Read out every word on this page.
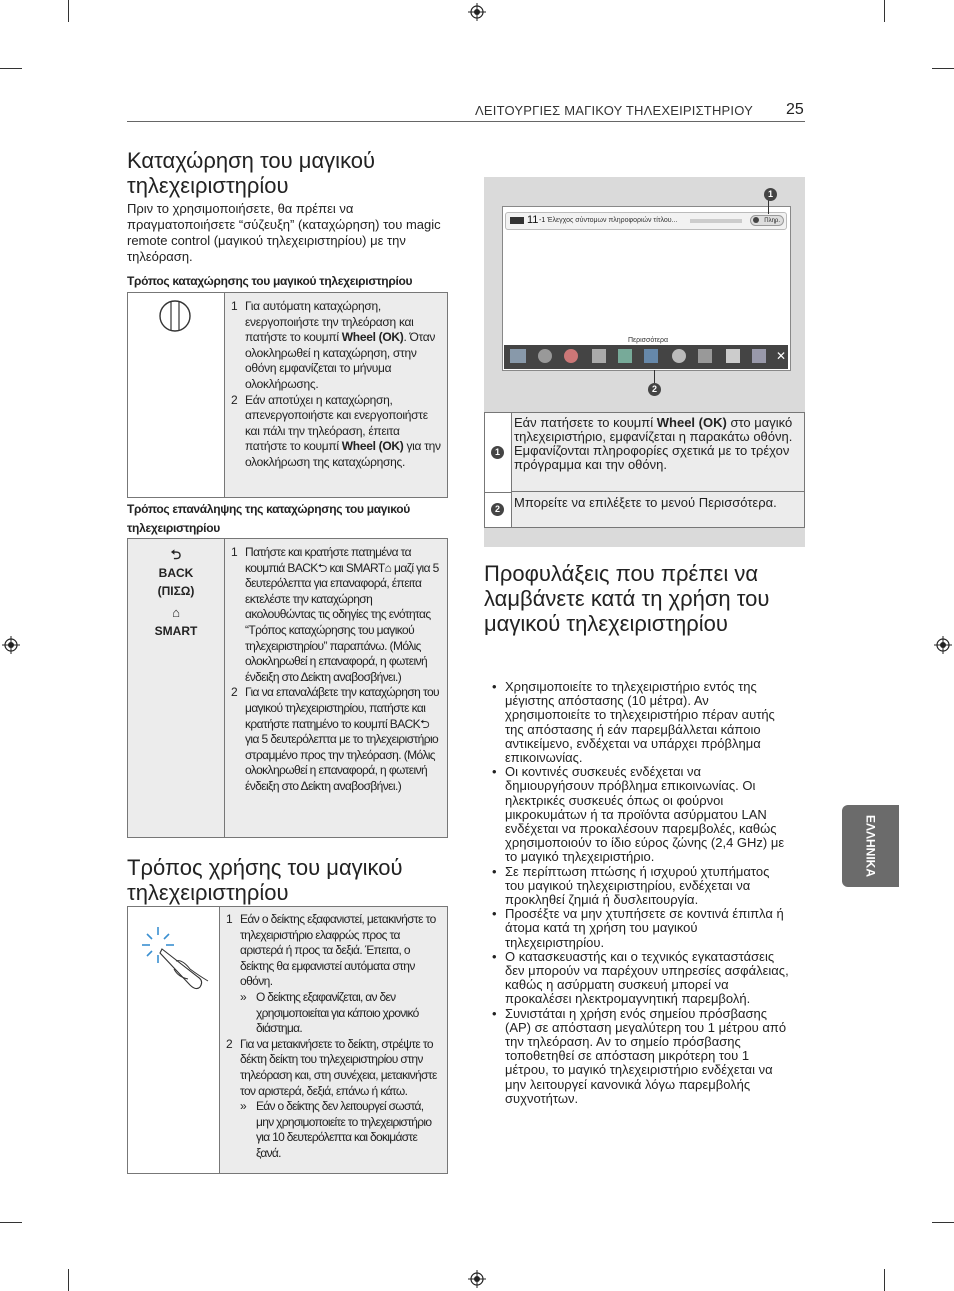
ΛΕΙΤΟΥΡΓΙΕΣ ΜΑΓΙΚΟΥ ΤΗΛΕΧΕΙΡΙΣΤΗΡΙΟΥ 25
ΕΛΛΗΝΙΚΑ
Καταχώρηση του μαγικού τηλεχειριστηρίου
Πριν το χρησιμοποιήσετε, θα πρέπει να πραγματοποιήσετε “σύζευξη” (καταχώρηση) του magic remote control (μαγικού τηλεχειριστηρίου) με την τηλεόραση.
Τρόπος καταχώρησης του μαγικού τηλεχειριστηρίου

1 Για αυτόματη καταχώρηση, ενεργοποιήστε την τηλεόραση και πατήστε το κουμπί Wheel (OK). Όταν ολοκληρωθεί η καταχώρηση, στην οθόνη εμφανίζεται το μήνυμα ολοκλήρωσης.

2 Εάν αποτύχει η καταχώρηση, απενεργοποιήστε και ενεργοποιήστε και πάλι την τηλεόραση, έπειτα πατήστε το κουμπί Wheel (OK) για την ολοκλήρωση της καταχώρησης.

Τρόπος επανάληψης της καταχώρησης του μαγικού τηλεχειριστηρίου
⮌
BACK
(ΠΙΣΩ)
⌂
SMART

1 Πατήστε και κρατήστε πατημένα τα κουμπιά BACK⮌ και SMART⌂ μαζί για 5 δευτερόλεπτα για επαναφορά, έπειτα εκτελέστε την καταχώρηση ακολουθώντας τις οδηγίες της ενότητας “Τρόπος καταχώρησης του μαγικού τηλεχειριστηρίου” παραπάνω. (Μόλις ολοκληρωθεί η επαναφορά, η φωτεινή ένδειξη στο Δείκτη αναβοσβήνει.)

2 Για να επαναλάβετε την καταχώρηση του μαγικού τηλεχειριστηρίου, πατήστε και κρατήστε πατημένο το κουμπί BACK⮌ για 5 δευτερόλεπτα με το τηλεχειριστήριο στραμμένο προς την τηλεόραση. (Μόλις ολοκληρωθεί η επαναφορά, η φωτεινή ένδειξη στο Δείκτη αναβοσβήνει.)

Τρόπος χρήσης του μαγικού τηλεχειριστηρίου

1 Εάν ο δείκτης εξαφανιστεί, μετακινήστε το τηλεχειριστήριο ελαφρώς προς τα αριστερά ή προς τα δεξιά. Έπειτα, ο δείκτης θα εμφανιστεί αυτόματα στην οθόνη.

» Ο δείκτης εξαφανίζεται, αν δεν χρησιμοποιείται για κάποιο χρονικό διάστημα.

2 Για να μετακινήσετε το δείκτη, στρέψτε το δέκτη δείκτη του τηλεχειριστηρίου στην τηλεόραση και, στη συνέχεια, μετακινήστε τον αριστερά, δεξιά, επάνω ή κάτω.

» Εάν ο δείκτης δεν λειτουργεί σωστά, μην χρησιμοποιείτε το τηλεχειριστήριο για 10 δευτερόλεπτα και δοκιμάστε ξανά.

11 -1 Έλεγχος σύντομων πληροφοριών τίτλου...	Πληρ.
Περισσότερα
✕
1
2
1
Εάν πατήσετε το κουμπί Wheel (OK) στο μαγικό τηλεχειριστήριο, εμφανίζεται η παρακάτω οθόνη.
Εμφανίζονται πληροφορίες σχετικά με το τρέχον πρόγραμμα και την οθόνη.
2	Μπορείτε να επιλέξετε το μενού Περισσότερα.
Προφυλάξεις που πρέπει να λαμβάνετε κατά τη χρήση του μαγικού τηλεχειριστηρίου
• Χρησιμοποιείτε το τηλεχειριστήριο εντός της μέγιστης απόστασης (10 μέτρα). Αν χρησιμοποιείτε το τηλεχειριστήριο πέραν αυτής της απόστασης ή εάν παρεμβάλλεται κάποιο αντικείμενο, ενδέχεται να υπάρχει πρόβλημα επικοινωνίας.
• Οι κοντινές συσκευές ενδέχεται να δημιουργήσουν πρόβλημα επικοινωνίας. Οι ηλεκτρικές συσκευές όπως οι φούρνοι μικροκυμάτων ή τα προϊόντα ασύρματου LAN ενδέχεται να προκαλέσουν παρεμβολές, καθώς χρησιμοποιούν το ίδιο εύρος ζώνης (2,4 GHz) με το μαγικό τηλεχειριστήριο.
• Σε περίπτωση πτώσης ή ισχυρού χτυπήματος του μαγικού τηλεχειριστηρίου, ενδέχεται να προκληθεί ζημιά ή δυσλειτουργία.
• Προσέξτε να μην χτυπήσετε σε κοντινά έπιπλα ή άτομα κατά τη χρήση του μαγικού τηλεχειριστηρίου.
• Ο κατασκευαστής και ο τεχνικός εγκαταστάσεις δεν μπορούν να παρέχουν υπηρεσίες ασφάλειας, καθώς η ασύρματη συσκευή μπορεί να προκαλέσει ηλεκτρομαγνητική παρεμβολή.
• Συνιστάται η χρήση ενός σημείου πρόσβασης (AP) σε απόσταση μεγαλύτερη του 1 μέτρου από την τηλεόραση. Αν το σημείο πρόσβασης τοποθετηθεί σε απόσταση μικρότερη του 1 μέτρου, το μαγικό τηλεχειριστήριο ενδέχεται να μην λειτουργεί κανονικά λόγω παρεμβολής συχνοτήτων.
